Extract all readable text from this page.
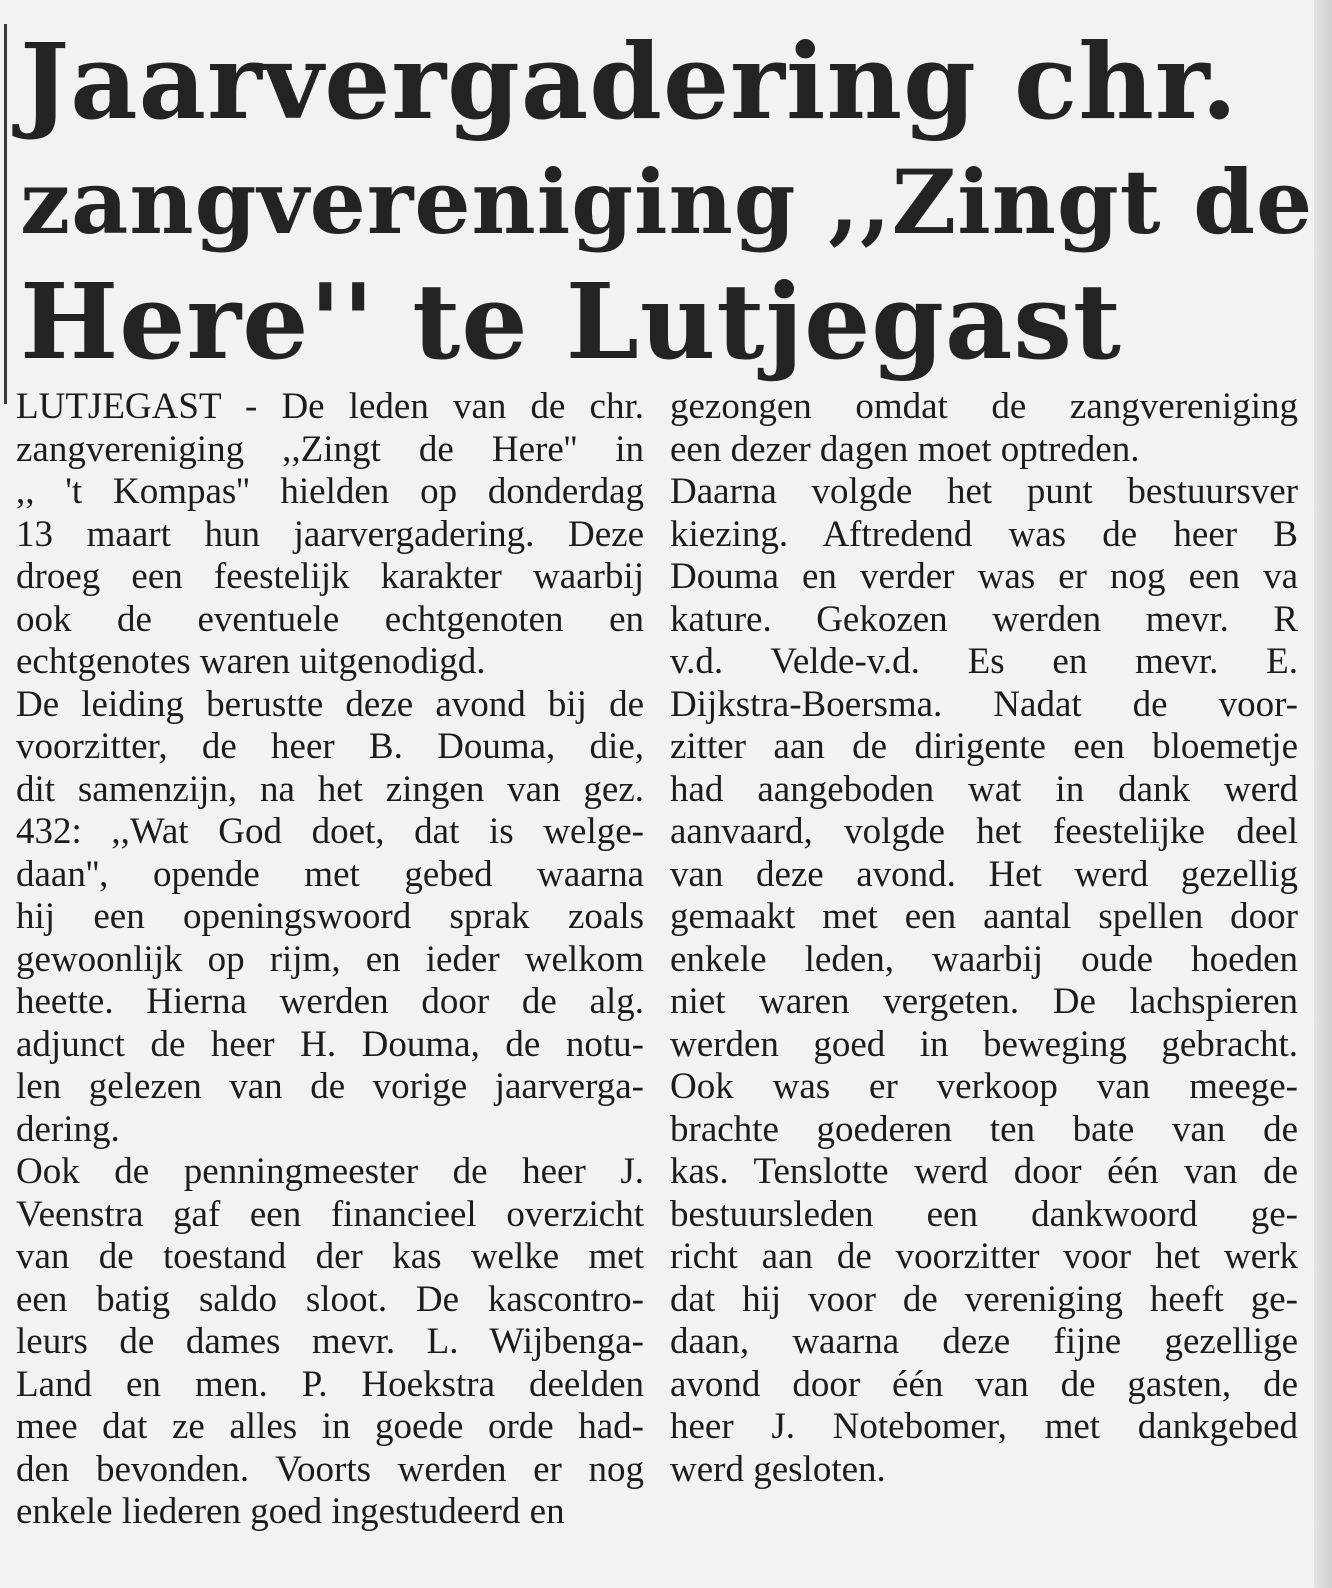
Jaarvergadering chr.
zangvereniging ,,Zingt de
Here'' te Lutjegast
LUTJEGAST - De leden van de chr.
zangvereniging ,,Zingt de Here'' in
,, 't Kompas'' hielden op donderdag
13 maart hun jaarvergadering. Deze
droeg een feestelijk karakter waarbij
ook de eventuele echtgenoten en
echtgenotes waren uitgenodigd.
De leiding berustte deze avond bij de
voorzitter, de heer B. Douma, die,
dit samenzijn, na het zingen van gez.
432: ,,Wat God doet, dat is welge-
daan'', opende met gebed waarna
hij een openingswoord sprak zoals
gewoonlijk op rijm, en ieder welkom
heette. Hierna werden door de alg.
adjunct de heer H. Douma, de notu-
len gelezen van de vorige jaarverga-
dering.
Ook de penningmeester de heer J.
Veenstra gaf een financieel overzicht
van de toestand der kas welke met
een batig saldo sloot. De kascontro-
leurs de dames mevr. L. Wijbenga-
Land en men. P. Hoekstra deelden
mee dat ze alles in goede orde had-
den bevonden. Voorts werden er nog
enkele liederen goed ingestudeerd en
gezongen omdat de zangvereniging
een dezer dagen moet optreden.
Daarna volgde het punt bestuursver
kiezing. Aftredend was de heer B
Douma en verder was er nog een va
kature. Gekozen werden mevr. R
v.d. Velde-v.d. Es en mevr. E.
Dijkstra-Boersma. Nadat de voor-
zitter aan de dirigente een bloemetje
had aangeboden wat in dank werd
aanvaard, volgde het feestelijke deel
van deze avond. Het werd gezellig
gemaakt met een aantal spellen door
enkele leden, waarbij oude hoeden
niet waren vergeten. De lachspieren
werden goed in beweging gebracht.
Ook was er verkoop van meege-
brachte goederen ten bate van de
kas. Tenslotte werd door één van de
bestuursleden een dankwoord ge-
richt aan de voorzitter voor het werk
dat hij voor de vereniging heeft ge-
daan, waarna deze fijne gezellige
avond door één van de gasten, de
heer J. Notebomer, met dankgebed
werd gesloten.
